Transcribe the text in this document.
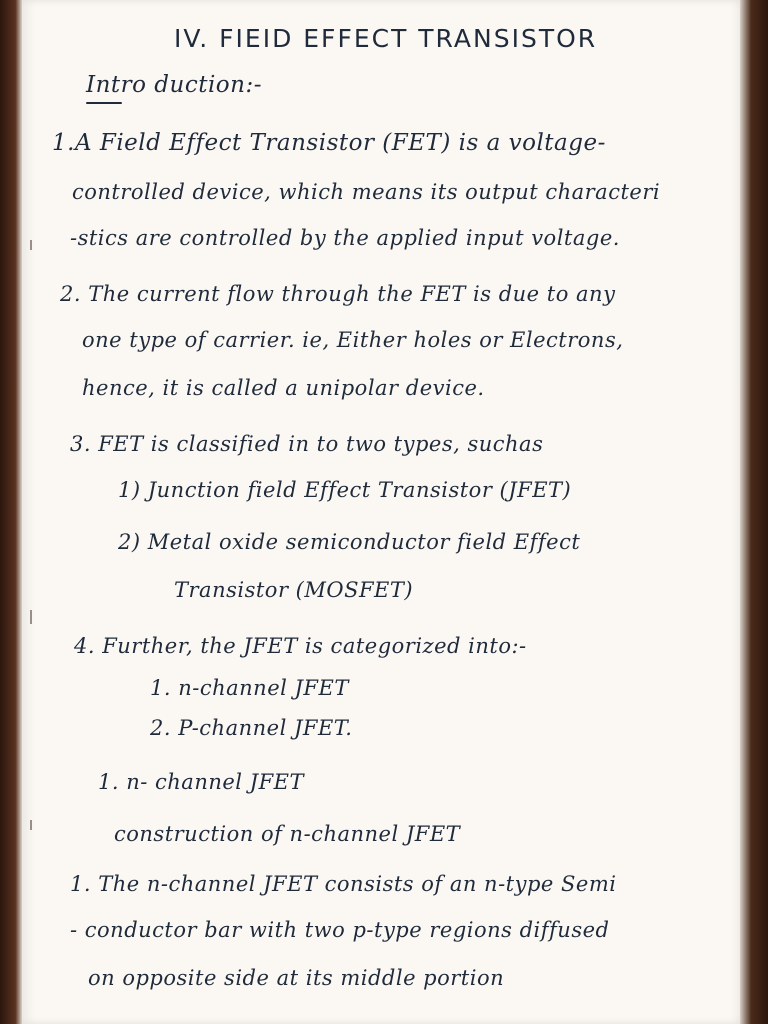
IV. FIEID EFFECT TRANSISTOR
Intro duction:-
1.A Field Effect Transistor (FET) is a voltage-
controlled device, which means its output characteri
-stics are controlled by the applied input voltage.
2. The current flow through the FET is due to any
one type of carrier. ie, Either holes or Electrons,
hence, it is called a unipolar device.
3. FET is classified in to two types, suchas
1) Junction field Effect Transistor (JFET)
2) Metal oxide semiconductor field Effect
Transistor (MOSFET)
4. Further, the JFET is categorized into:-
1. n-channel JFET
2. P-channel JFET.
1. n- channel JFET
construction of n-channel JFET
1. The n-channel JFET consists of an n-type Semi
- conductor bar with two p-type regions diffused
on opposite side at its middle portion
